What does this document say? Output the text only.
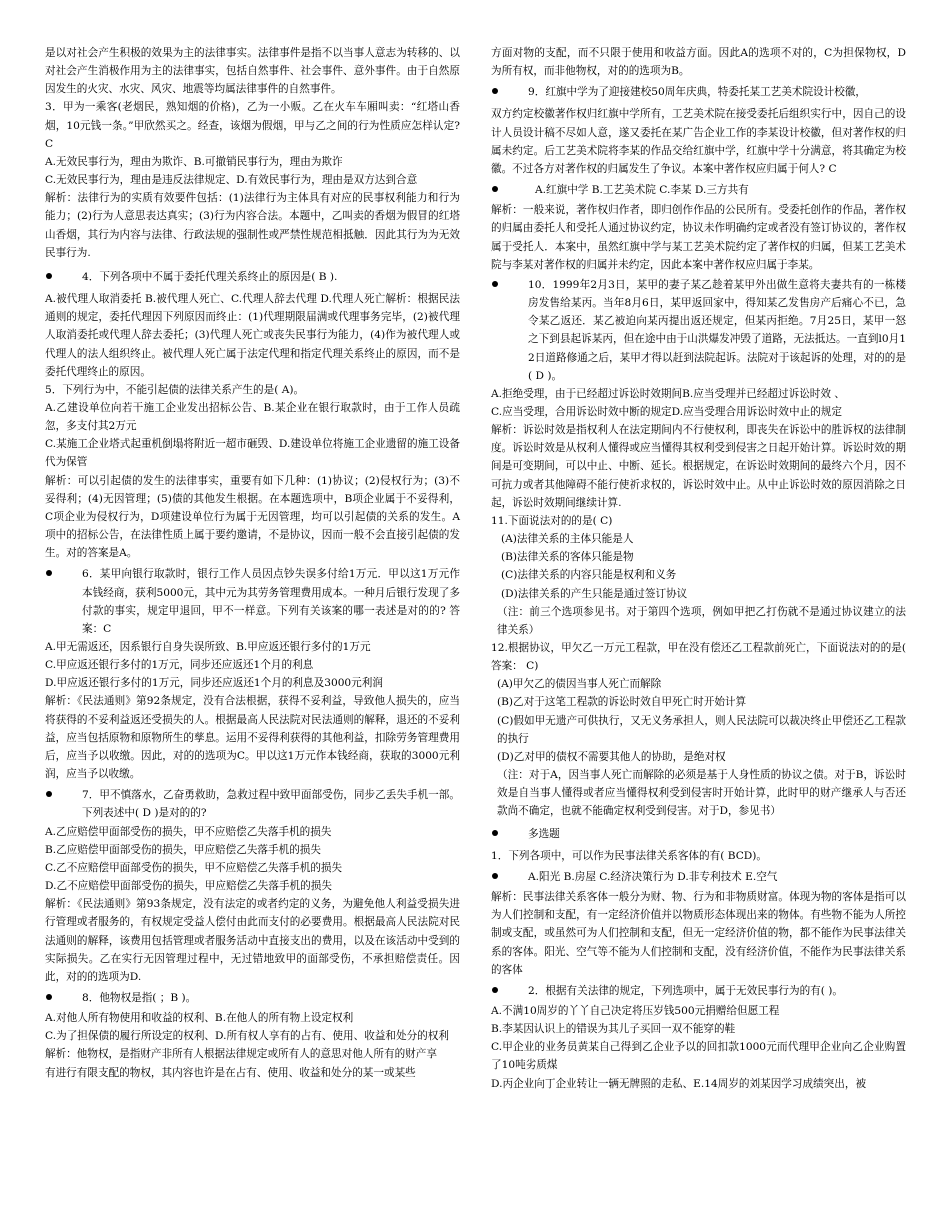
是以对社会产生积极的效果为主的法律事实。法律事件是指不以当事人意志为转移的、以对社会产生消极作用为主的法律事实，包括自然事件、社会事件、意外事件。由于自然原因发生的火灾、水灾、风灾、地震等均属法律事件的自然事件。

3．甲为一乘客(老烟民，熟知烟的价格)，乙为一小贩。乙在火车车厢叫卖：“红塔山香烟，10元钱一条。”甲欣然买之。经查，该烟为假烟，甲与乙之间的行为性质应怎样认定?C

A.无效民事行为，理由为欺诈、B.可撤销民事行为，理由为欺诈

C.无效民事行为，理由是违反法律规定、D.有效民事行为，理由是双方达到合意

解析：法律行为的实质有效要件包括：(1)法律行为主体具有对应的民事权利能力和行为能力；(2)行为人意思表达真实；(3)行为内容合法。本题中，乙叫卖的香烟为假冒的红塔山香烟，其行为内容与法律、行政法规的强制性或严禁性规范相抵触．因此其行为为无效民事行为.

4．下列各项中不属于委托代理关系终止的原因是( B ).

A.被代理人取消委托 B.被代理人死亡、C.代理人辞去代理 D.代理人死亡解析：根据民法通则的规定，委托代理因下列原因而终止：(1)代理期限届满或代理事务完毕，(2)被代理人取消委托或代理人辞去委托；(3)代理人死亡或丧失民事行为能力，(4)作为被代理人或代理人的法人组织终止。被代理人死亡属于法定代理和指定代理关系终止的原因，而不是委托代理终止的原因。

5．下列行为中，不能引起债的法律关系产生的是( A)。

A.乙建设单位向若干施工企业发出招标公告、B.某企业在银行取款时，由于工作人员疏忽，多支付其2万元

C.某施工企业塔式起重机倒塌将附近一超市砸毁、D.建设单位将施工企业遗留的施工设备代为保管

解析：可以引起债的发生的法律事实，重要有如下几种：(1)协议；(2)侵权行为；(3)不妥得利；(4)无因管理；(5)债的其他发生根据。在本题选项中，B项企业属于不妥得利，C项企业为侵权行为，D项建设单位行为属于无因管理，均可以引起债的关系的发生。A项中的招标公告，在法律性质上属于要约邀请，不是协议，因而一般不会直接引起债的发生。对的答案是A。

6．某甲向银行取款时，银行工作人员因点钞失误多付给1万元．甲以这1万元作本钱经商，获利5000元，其中元为其劳务管理费用成本。一种月后银行发现了多付款的事实，规定甲退回，甲不一样意。下列有关该案的哪一表述是对的的? 答案：C

A.甲无需返还，因系银行自身失误所致、B.甲应返还银行多付的1万元

C.甲应返还银行多付的1万元，同步还应返还1个月的利息

D.甲应返还银行多付的1万元，同步还应返还1个月的利息及3000元利润

解析：《民法通则》第92条规定，没有合法根据，获得不妥利益，导致他人损失的，应当将获得的不妥利益返还受损失的人。根据最高人民法院对民法通则的解释，退还的不妥利益，应当包括原物和原物所生的孳息。运用不妥得利获得的其他利益，扣除劳务管理费用后，应当予以收缴。因此，对的的选项为C。甲以这1万元作本钱经商，获取的3000元利润，应当予以收缴。

7．甲不慎落水，乙奋勇救助，急救过程中致甲面部受伤，同步乙丢失手机一部。下列表述中( D )是对的的?

A.乙应赔偿甲面部受伤的损失，甲不应赔偿乙失落手机的损失

B.乙应赔偿甲面部受伤的损失，甲应赔偿乙失落手机的损失

C.乙不应赔偿甲面部受伤的损失，甲不应赔偿乙失落手机的损失

D.乙不应赔偿甲面部受伤的损失，甲应赔偿乙失落手机的损失

解析：《民法通则》第93条规定，没有法定的或者约定的义务，为避免他人利益受损失进行管理或者服务的，有权规定受益人偿付由此而支付的必要费用。根据最高人民法院对民法通则的解释，该费用包括管理或者服务活动中直接支出的费用，以及在该活动中受到的实际损失。乙在实行无因管理过程中，无过错地致甲的面部受伤，不承担赔偿责任。因此，对的的选项为D.

8．他物权是指( ；B )。

A.对他人所有物使用和收益的权利、B.在他人的所有物上设定权利

C.为了担保债的履行所设定的权利、D.所有权人享有的占有、使用、收益和处分的权利

解析：他物权，是指财产非所有人根据法律规定或所有人的意思对他人所有的财产享

有进行有限支配的物权，其内容也许是在占有、使用、收益和处分的某一或某些

方面对物的支配，而不只限于使用和收益方面。因此A的选项不对的，C为担保物权，D为所有权，而非他物权，对的的选项为B。

9．红旗中学为了迎接建校50周年庆典，特委托某工艺美术院设计校徽，

双方约定校徽著作权归红旗中学所有，工艺美术院在接受委托后组织实行中，因自己的设计人员设计稿不尽如人意，遂又委托在某广告企业工作的李某设计校徽，但对著作权的归属未约定。后工艺美术院将李某的作品交给红旗中学，红旗中学十分满意，将其确定为校徽。不过各方对著作权的归属发生了争议。本案中著作权应归属于何人? C

A.红旗中学 B.工艺美术院 C.李某 D.三方共有

解析：一般来说，著作权归作者，即归创作作品的公民所有。受委托创作的作品，著作权的归属由委托人和受托人通过协议约定，协议未作明确约定或者没有签订协议的，著作权属于受托人．本案中，虽然红旗中学与某工艺美术院约定了著作权的归属，但某工艺美术院与李某对著作权的归属并未约定，因此本案中著作权应归属于李某。

10．1999年2月3日，某甲的妻子某乙趁着某甲外出做生意将夫妻共有的一栋楼房发售给某丙。当年8月6日，某甲返回家中，得知某乙发售房产后痛心不已，急令某乙返还．某乙被迫向某丙提出返还规定，但某丙拒绝。7月25日，某甲一怒之下到县起诉某丙，但在途中由于山洪爆发冲毁了道路，无法抵达。一直到l0月12日道路修通之后，某甲才得以赶到法院起诉。法院对于该起诉的处理，对的的是( D )。

A.拒绝受理，由于已经超过诉讼时效期间B.应当受理并已经超过诉讼时效 、

C.应当受理，合用诉讼时效中断的规定D.应当受理合用诉讼时效中止的规定

解析：诉讼时效是指权利人在法定期间内不行使权利，即丧失在诉讼中的胜诉权的法律制度。诉讼时效是从权利人懂得或应当懂得其权利受到侵害之日起开始计算。诉讼时效的期间是可变期间，可以中止、中断、延长。根据规定，在诉讼时效期间的最终六个月，因不可抗力或者其他障碍不能行使祈求权的，诉讼时效中止。从中止诉讼时效的原因消除之日起，诉讼时效期间继续计算.

11.下面说法对的的是( C)

(A)法律关系的主体只能是人

(B)法律关系的客体只能是物

(C)法律关系的内容只能是权利和义务

(D)法律关系的产生只能是通过签订协议

（注：前三个选项参见书。对于第四个选项，例如甲把乙打伤就不是通过协议建立的法律关系）

12.根据协议，甲欠乙一万元工程款，甲在没有偿还乙工程款前死亡，下面说法对的的是( 答案： C)

(A)甲欠乙的债因当事人死亡而解除

(B)乙对于这笔工程款的诉讼时效自甲死亡时开始计算

(C)假如甲无遗产可供执行，又无义务承担人，则人民法院可以裁决终止甲偿还乙工程款的执行

(D)乙对甲的债权不需要其他人的协助，是绝对权

（注：对于A，因当事人死亡而解除的必须是基于人身性质的协议之债。对于B，诉讼时效是自当事人懂得或者应当懂得权利受到侵害时开始计算，此时甲的财产继承人与否还款尚不确定，也就不能确定权利受到侵害。对于D，参见书）

多选题

1．下列各项中，可以作为民事法律关系客体的有( BCD)。

A.阳光 B.房屋 C.经济决策行为 D.非专利技术 E.空气

解析：民事法律关系客体一般分为财、物、行为和非物质财富。体现为物的客体是指可以为人们控制和支配，有一定经济价值并以物质形态体现出来的物体。有些物不能为人所控制或支配，或虽然可为人们控制和支配，但无一定经济价值的物，都不能作为民事法律关系的客体。阳光、空气等不能为人们控制和支配，没有经济价值，不能作为民事法律关系的客体

2．根据有关法律的规定，下列选项中，属于无效民事行为的有( )。

A.不满10周岁的丫丫自己决定将压岁钱500元捐赠给但愿工程

B.李某因认识上的错误为其儿子买回一双不能穿的鞋

C.甲企业的业务员黄某自己得到乙企业予以的回扣款1000元而代理甲企业向乙企业购置了10吨劣质煤

D.丙企业向丁企业转让一辆无牌照的走私、E.14周岁的刘某因学习成绩突出，被
